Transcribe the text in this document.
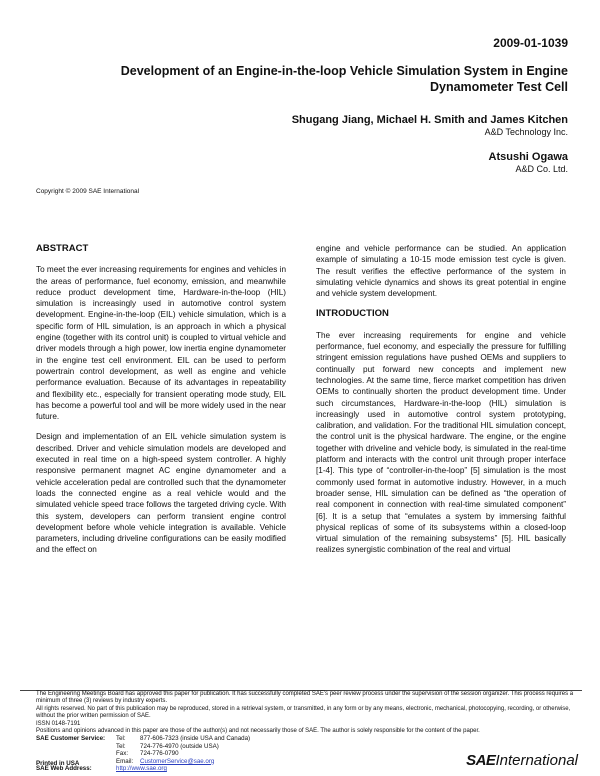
2009-01-1039
Development of an Engine-in-the-loop Vehicle Simulation System in Engine
Dynamometer Test Cell
Shugang Jiang, Michael H. Smith and James Kitchen
A&D Technology Inc.
Atsushi Ogawa
A&D Co. Ltd.
Copyright © 2009 SAE International
ABSTRACT

To meet the ever increasing requirements for engines and vehicles in the areas of performance, fuel economy, emission, and meanwhile reduce product development time, Hardware-in-the-loop (HIL) simulation is increasingly used in automotive control system development. Engine-in-the-loop (EIL) vehicle simulation, which is a specific form of HIL simulation, is an approach in which a physical engine (together with its control unit) is coupled to virtual vehicle and driver models through a high power, low inertia engine dynamometer in the engine test cell environment. EIL can be used to perform powertrain control development, as well as engine and vehicle performance evaluation. Because of its advantages in repeatability and flexibility etc., especially for transient operating mode study, EIL has become a powerful tool and will be more widely used in the near future.

Design and implementation of an EIL vehicle simulation system is described. Driver and vehicle simulation models are developed and executed in real time on a high-speed system controller. A highly responsive permanent magnet AC engine dynamometer and a vehicle acceleration pedal are controlled such that the dynamometer loads the connected engine as a real vehicle would and the simulated vehicle speed trace follows the targeted driving cycle. With this system, developers can perform transient engine control development before whole vehicle integration is available. Vehicle parameters, including driveline configurations can be easily modified and the effect on

engine and vehicle performance can be studied. An application example of simulating a 10-15 mode emission test cycle is given. The result verifies the effective performance of the system in simulating vehicle dynamics and shows its great potential in engine and vehicle system development.

INTRODUCTION

The ever increasing requirements for engine and vehicle performance, fuel economy, and especially the pressure for fulfilling stringent emission regulations have pushed OEMs and suppliers to continually put forward new concepts and implement new technologies. At the same time, fierce market competition has driven OEMs to continually shorten the product development time. Under such circumstances, Hardware-in-the-loop (HIL) simulation is increasingly used in automotive control system prototyping, calibration, and validation. For the traditional HIL simulation concept, the control unit is the physical hardware. The engine, or the engine together with driveline and vehicle body, is simulated in the real-time platform and interacts with the control unit through proper interface [1-4]. This type of “controller-in-the-loop” [5] simulation is the most commonly used format in automotive industry. However, in a much broader sense, HIL simulation can be defined as “the operation of real component in connection with real-time simulated component” [6]. It is a setup that “emulates a system by immersing faithful physical replicas of some of its subsystems within a closed-loop virtual simulation of the remaining subsystems” [5]. HIL basically realizes synergistic combination of the real and virtual

The Engineering Meetings Board has approved this paper for publication. It has successfully completed SAE’s peer review process under the supervision of the session organizer. This process requires a minimum of three (3) reviews by industry experts.

All rights reserved. No part of this publication may be reproduced, stored in a retrieval system, or transmitted, in any form or by any means, electronic, mechanical, photocopying, recording, or otherwise, without the prior written permission of SAE.

ISSN 0148-7191

Positions and opinions advanced in this paper are those of the author(s) and not necessarily those of SAE. The author is solely responsible for the content of the paper.

SAE Customer Service:	Tel:	877-606-7323 (inside USA and Canada)
Tel:	724-776-4970 (outside USA)
Fax:	724-776-0790
Email:	CustomerService@sae.org
SAE Web Address:	http://www.sae.org
Printed in USA	SAEInternational
